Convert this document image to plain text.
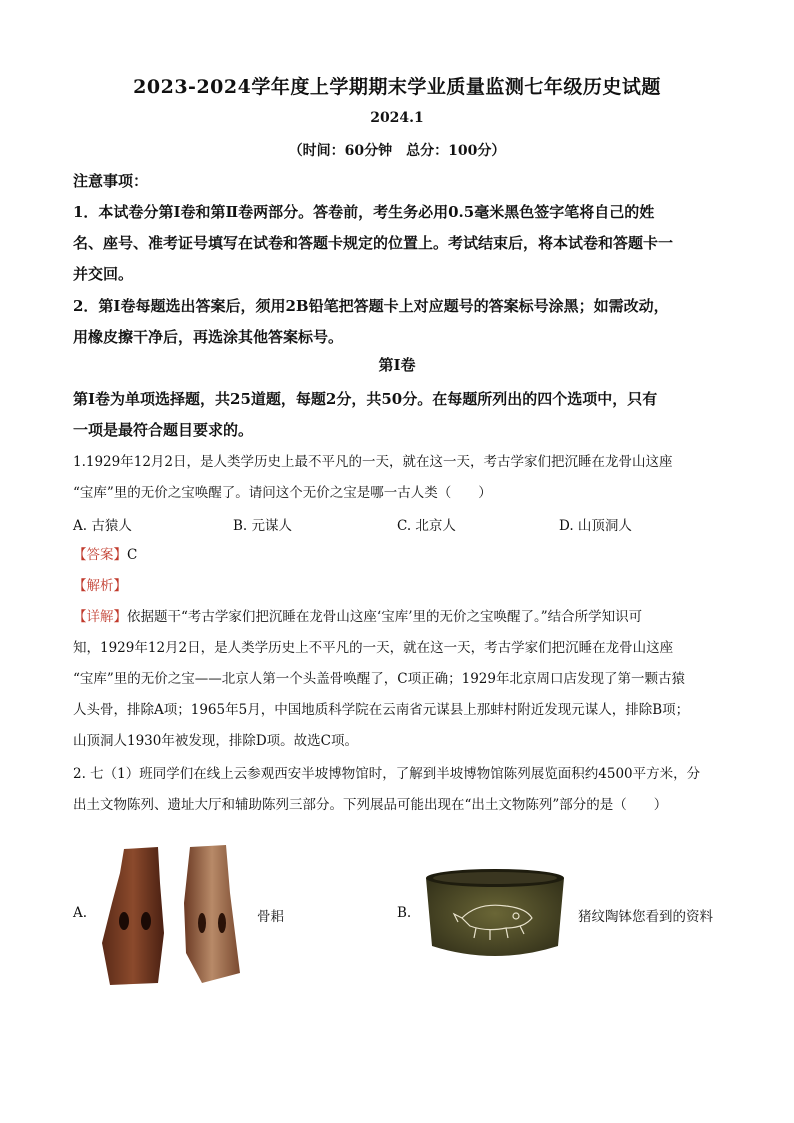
2023-2024学年度上学期期末学业质量监测七年级历史试题
2024.1
（时间：60分钟　总分：100分）
注意事项：
1．本试卷分第Ⅰ卷和第Ⅱ卷两部分。答卷前，考生务必用0.5毫米黑色签字笔将自己的姓
名、座号、准考证号填写在试卷和答题卡规定的位置上。考试结束后，将本试卷和答题卡一
并交回。
2．第Ⅰ卷每题选出答案后，须用2B铅笔把答题卡上对应题号的答案标号涂黑；如需改动，
用橡皮擦干净后，再选涂其他答案标号。
第Ⅰ卷
第Ⅰ卷为单项选择题，共25道题，每题2分，共50分。在每题所列出的四个选项中，只有
一项是最符合题目要求的。
1.1929年12月2日，是人类学历史上最不平凡的一天，就在这一天，考古学家们把沉睡在龙骨山这座
“宝库”里的无价之宝唤醒了。请问这个无价之宝是哪一古人类（　　）
A. 古猿人	B. 元谋人	C. 北京人	D. 山顶洞人
【答案】C
【解析】
【详解】依据题干“考古学家们把沉睡在龙骨山这座‘宝库’里的无价之宝唤醒了。”结合所学知识可
知，1929年12月2日，是人类学历史上不平凡的一天，就在这一天，考古学家们把沉睡在龙骨山这座
“宝库”里的无价之宝——北京人第一个头盖骨唤醒了，C项正确；1929年北京周口店发现了第一颗古猿
人头骨，排除A项；1965年5月，中国地质科学院在云南省元谋县上那蚌村附近发现元谋人，排除B项；
山顶洞人1930年被发现，排除D项。故选C项。
2. 七（1）班同学们在线上云参观西安半坡博物馆时，了解到半坡博物馆陈列展览面积约4500平方米，分
出土文物陈列、遗址大厅和辅助陈列三部分。下列展品可能出现在“出土文物陈列”部分的是（　　）
A.	骨耜	B.	猪纹陶钵您看到的资料
